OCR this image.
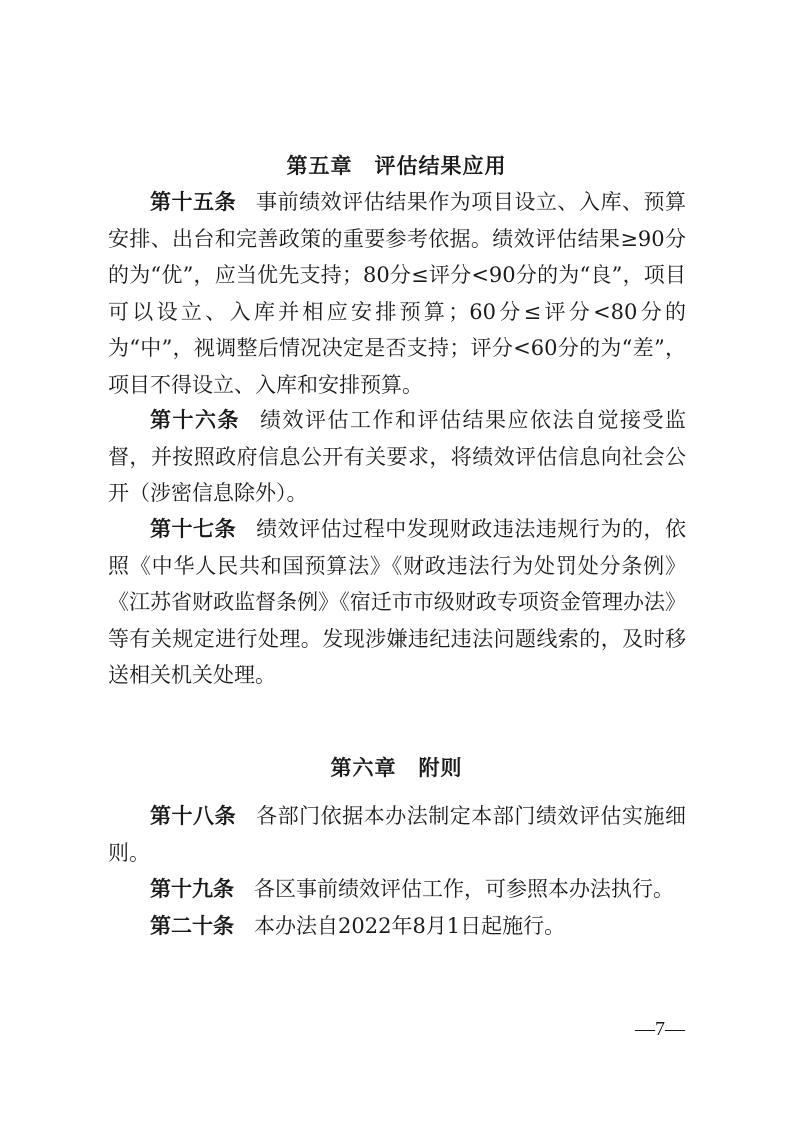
第五章　评估结果应用

第十五条 事前绩效评估结果作为项目设立、入库、预算安排、出台和完善政策的重要参考依据。绩效评估结果≥90分的为“优”，应当优先支持；80分≤评分<90分的为“良”，项目可以设立、入库并相应安排预算；60分≤评分<80分的为“中”，视调整后情况决定是否支持；评分<60分的为“差”，项目不得设立、入库和安排预算。

第十六条 绩效评估工作和评估结果应依法自觉接受监督，并按照政府信息公开有关要求，将绩效评估信息向社会公开（涉密信息除外）。

第十七条 绩效评估过程中发现财政违法违规行为的，依照《中华人民共和国预算法》《财政违法行为处罚处分条例》《江苏省财政监督条例》《宿迁市市级财政专项资金管理办法》等有关规定进行处理。发现涉嫌违纪违法问题线索的，及时移送相关机关处理。

第六章　附则

第十八条 各部门依据本办法制定本部门绩效评估实施细则。

第十九条 各区事前绩效评估工作，可参照本办法执行。

第二十条 本办法自2022年8月1日起施行。

—7—
